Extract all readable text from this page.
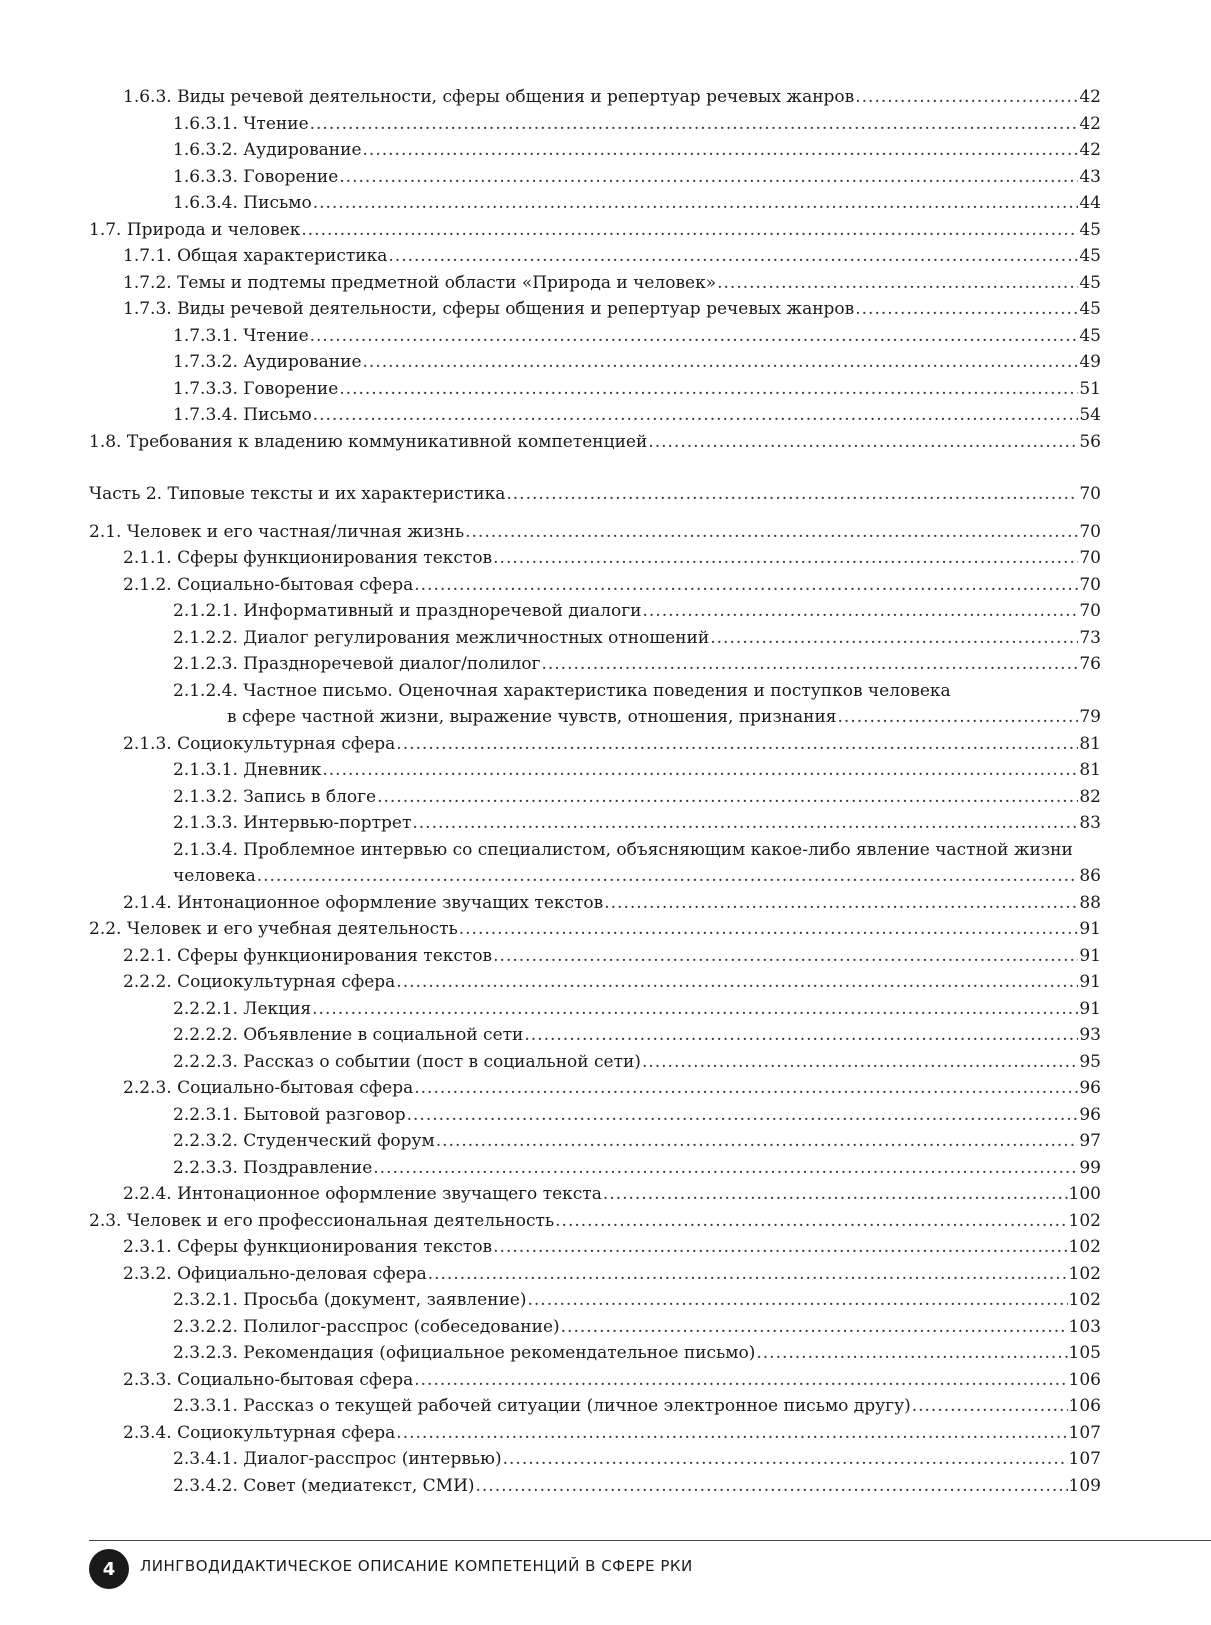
1.6.3. Виды речевой деятельности, сферы общения и репертуар речевых жанров .....	42
1.6.3.1. Чтение .....	42
1.6.3.2. Аудирование .....	42
1.6.3.3. Говорение .....	43
1.6.3.4. Письмо .....	44
1.7. Природа и человек .....	45
1.7.1. Общая характеристика .....	45
1.7.2. Темы и подтемы предметной области «Природа и человек» .....	45
1.7.3. Виды речевой деятельности, сферы общения и репертуар речевых жанров .....	45
1.7.3.1. Чтение .....	45
1.7.3.2. Аудирование .....	49
1.7.3.3. Говорение .....	51
1.7.3.4. Письмо .....	54
1.8. Требования к владению коммуникативной компетенцией .....	56
Часть 2. Типовые тексты и их характеристика .....	70
2.1. Человек и его частная/личная жизнь .....	70
2.1.1. Сферы функционирования текстов .....	70
2.1.2. Социально-бытовая сфера .....	70
2.1.2.1. Информативный и праздноречевой диалоги .....	70
2.1.2.2. Диалог регулирования межличностных отношений .....	73
2.1.2.3. Праздноречевой диалог/полилог .....	76
2.1.2.4. Частное письмо. Оценочная характеристика поведения и поступков человека
в сфере частной жизни, выражение чувств, отношения, признания .....	79
2.1.3. Социокультурная сфера .....	81
2.1.3.1. Дневник .....	81
2.1.3.2. Запись в блоге .....	82
2.1.3.3. Интервью-портрет .....	83
2.1.3.4. Проблемное интервью со специалистом, объясняющим какое-либо явление частной жизни
человека .....	86
2.1.4. Интонационное оформление звучащих текстов .....	88
2.2. Человек и его учебная деятельность .....	91
2.2.1. Сферы функционирования текстов .....	91
2.2.2. Социокультурная сфера .....	91
2.2.2.1. Лекция .....	91
2.2.2.2. Объявление в социальной сети .....	93
2.2.2.3. Рассказ о событии (пост в социальной сети) .....	95
2.2.3. Социально-бытовая сфера .....	96
2.2.3.1. Бытовой разговор .....	96
2.2.3.2. Студенческий форум .....	97
2.2.3.3. Поздравление .....	99
2.2.4. Интонационное оформление звучащего текста .....	100
2.3. Человек и его профессиональная деятельность .....	102
2.3.1. Сферы функционирования текстов .....	102
2.3.2. Официально-деловая сфера .....	102
2.3.2.1. Просьба (документ, заявление) .....	102
2.3.2.2. Полилог-расспрос (собеседование) .....	103
2.3.2.3. Рекомендация (официальное рекомендательное письмо) .....	105
2.3.3. Социально-бытовая сфера .....	106
2.3.3.1. Рассказ о текущей рабочей ситуации (личное электронное письмо другу) .....	106
2.3.4. Социокультурная сфера .....	107
2.3.4.1. Диалог-расспрос (интервью) .....	107
2.3.4.2. Совет (медиатекст, СМИ) .....	109
4	ЛИНГВОДИДАКТИЧЕСКОЕ ОПИСАНИЕ КОМПЕТЕНЦИЙ В СФЕРЕ РКИ
